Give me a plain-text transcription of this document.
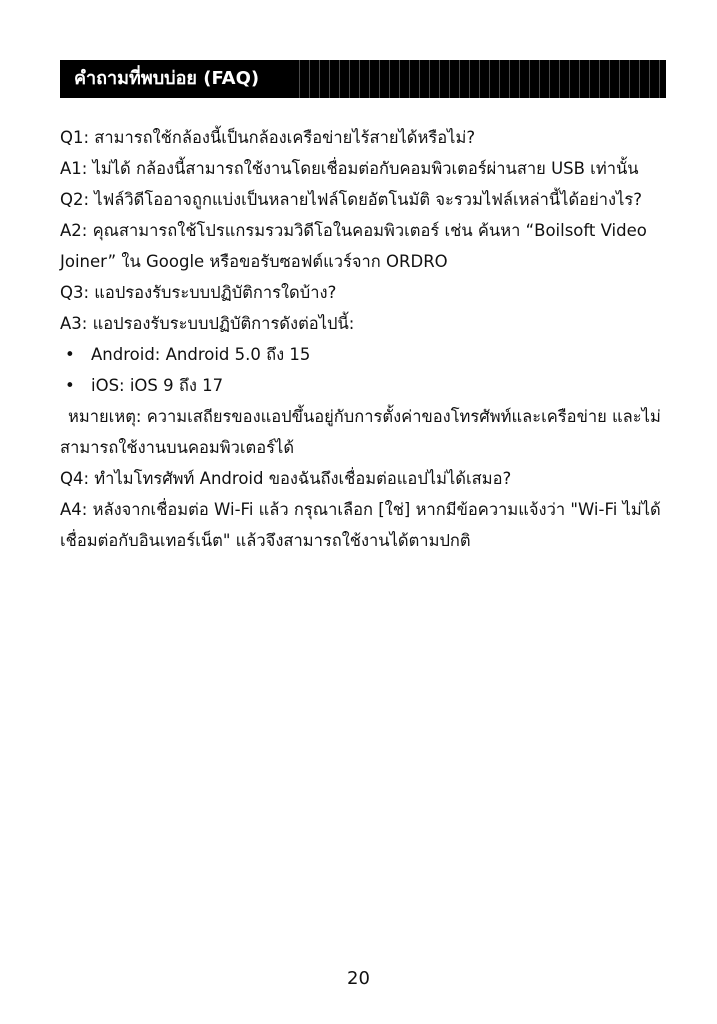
คำถามที่พบบ่อย (FAQ)

Q1: สามารถใช้กล้องนี้เป็นกล้องเครือข่ายไร้สายได้หรือไม่?

A1: ไม่ได้ กล้องนี้สามารถใช้งานโดยเชื่อมต่อกับคอมพิวเตอร์ผ่านสาย USB เท่านั้น

Q2: ไฟล์วิดีโออาจถูกแบ่งเป็นหลายไฟล์โดยอัตโนมัติ จะรวมไฟล์เหล่านี้ได้อย่างไร?

A2: คุณสามารถใช้โปรแกรมรวมวิดีโอในคอมพิวเตอร์ เช่น ค้นหา “Boilsoft Video Joiner” ใน Google หรือขอรับซอฟต์แวร์จาก ORDRO

Q3: แอปรองรับระบบปฏิบัติการใดบ้าง?

A3: แอปรองรับระบบปฏิบัติการดังต่อไปนี้:

• Android: Android 5.0 ถึง 15
• iOS: iOS 9 ถึง 17

หมายเหตุ: ความเสถียรของแอปขึ้นอยู่กับการตั้งค่าของโทรศัพท์และเครือข่าย และไม่สามารถใช้งานบนคอมพิวเตอร์ได้

Q4: ทำไมโทรศัพท์ Android ของฉันถึงเชื่อมต่อแอปไม่ได้เสมอ?

A4: หลังจากเชื่อมต่อ Wi-Fi แล้ว กรุณาเลือก [ใช่] หากมีข้อความแจ้งว่า "Wi-Fi ไม่ได้เชื่อมต่อกับอินเทอร์เน็ต" แล้วจึงสามารถใช้งานได้ตามปกติ

20
